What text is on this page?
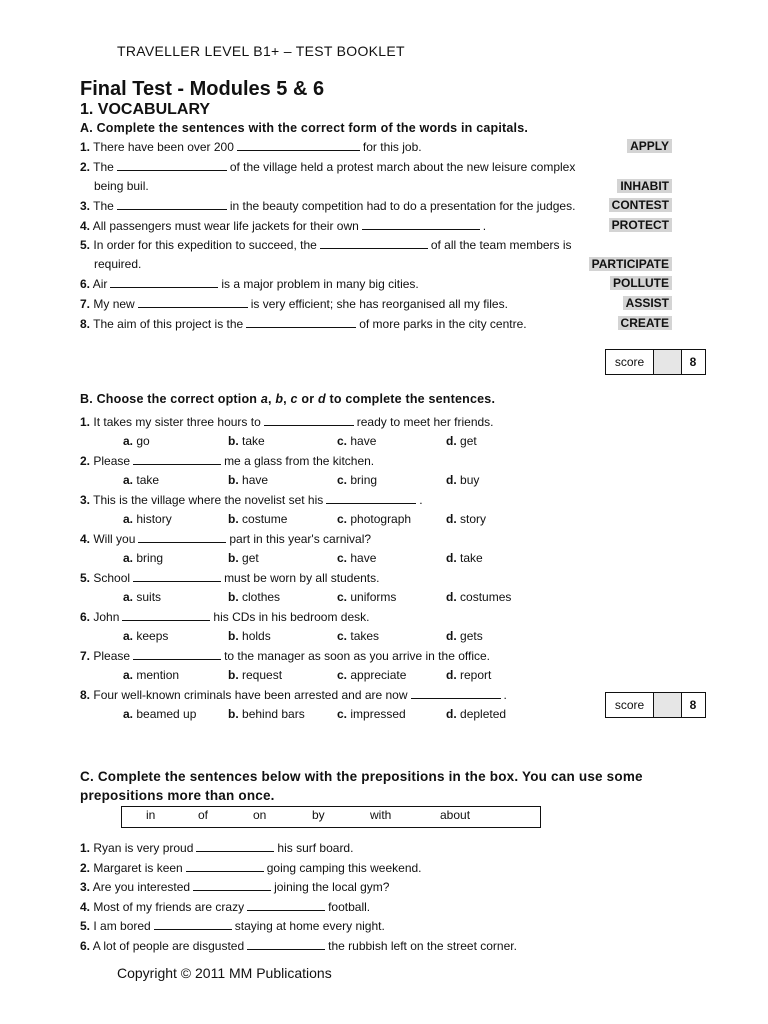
TRAVELLER LEVEL B1+ – TEST BOOKLET
Final Test - Modules 5 & 6
1. VOCABULARY
A. Complete the sentences with the correct form of the words in capitals.
1. There have been over 200	for this job.	APPLY
2. The	of the village held a protest march about the new leisure complex
being buil.	INHABIT
3. The	in the beauty competition had to do a presentation for the judges.	CONTEST
4. All passengers must wear life jackets for their own	.	PROTECT
5. In order for this expedition to succeed, the	of all the team members is
required.	PARTICIPATE
6. Air	is a major problem in many big cities.	POLLUTE
7. My new	is very efficient; she has reorganised all my files.	ASSIST
8. The aim of this project is the	of more parks in the city centre.	CREATE
score	8
B. Choose the correct option a, b, c or d to complete the sentences.
1. It takes my sister three hours to	ready to meet her friends.
a. go	b. take	c. have	d. get
2. Please	me a glass from the kitchen.
a. take	b. have	c. bring	d. buy
3. This is the village where the novelist set his	.
a. history	b. costume	c. photograph	d. story
4. Will you	part in this year's carnival?
a. bring	b. get	c. have	d. take
5. School	must be worn by all students.
a. suits	b. clothes	c. uniforms	d. costumes
6. John	his CDs in his bedroom desk.
a. keeps	b. holds	c. takes	d. gets
7. Please	to the manager as soon as you arrive in the office.
a. mention	b. request	c. appreciate	d. report
8. Four well-known criminals have been arrested and are now	.
a. beamed up	b. behind bars	c. impressed	d. depleted
score	8
C. Complete the sentences below with the prepositions in the box. You can use some prepositions more than once.
in	of	on	by	with	about
1. Ryan is very proud	his surf board.
2. Margaret is keen	going camping this weekend.
3. Are you interested	joining the local gym?
4. Most of my friends are crazy	football.
5. I am bored	staying at home every night.
6. A lot of people are disgusted	the rubbish left on the street corner.
Copyright © 2011 MM Publications
